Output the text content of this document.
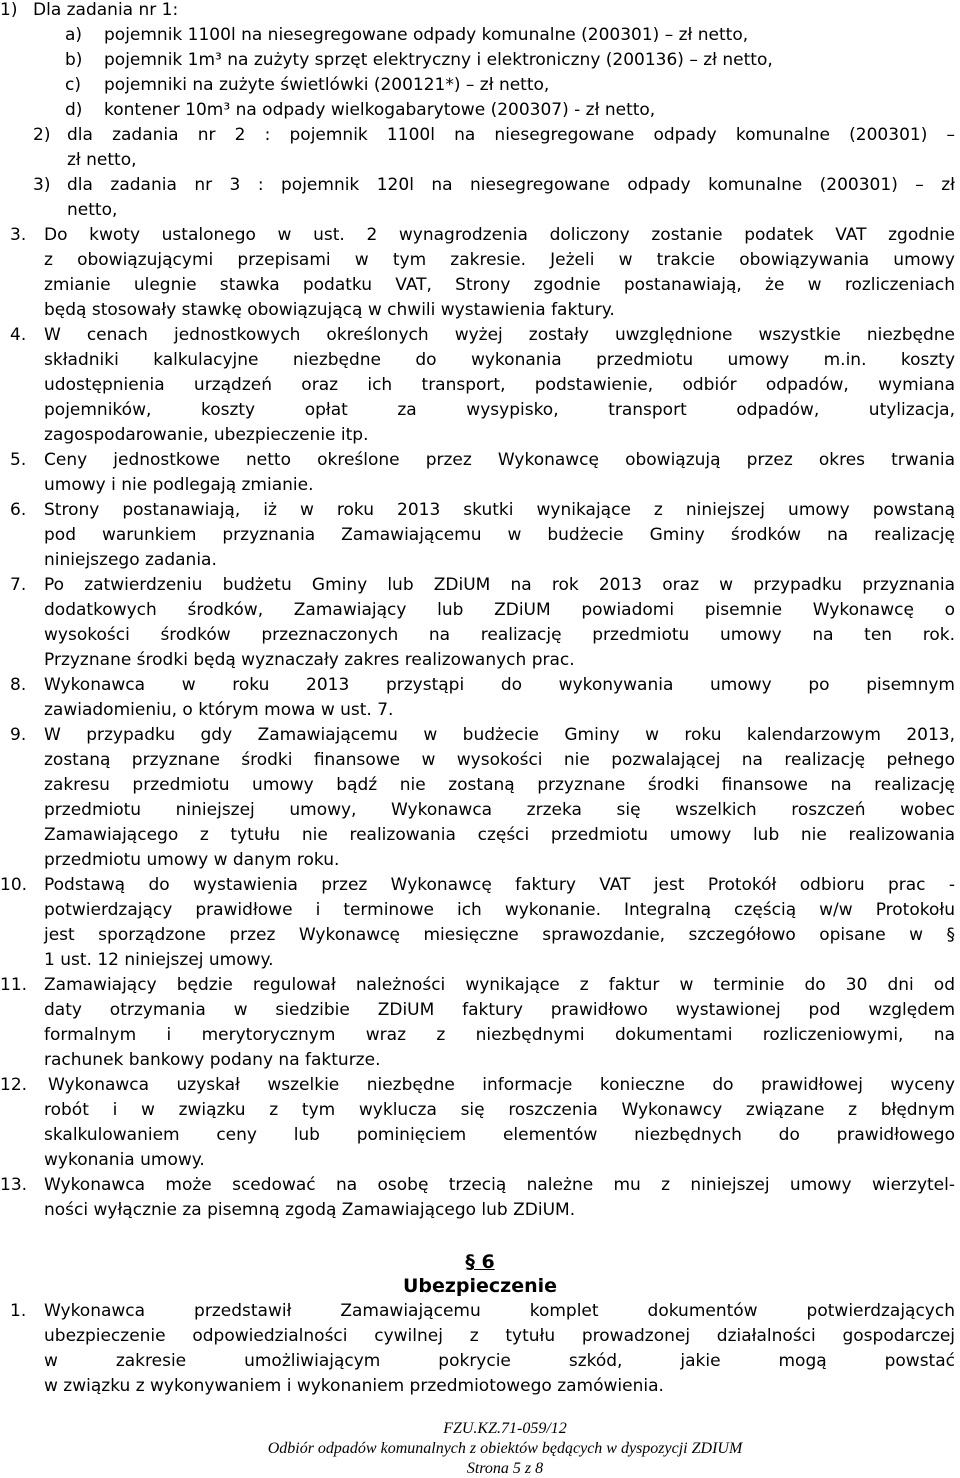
1) Dla zadania nr 1:
a) pojemnik 1100l na niesegregowane odpady komunalne (200301) – zł netto,
b) pojemnik 1m³ na zużyty sprzęt elektryczny i elektroniczny (200136) – zł netto,
c) pojemniki na zużyte świetlówki (200121*) – zł netto,
d) kontener 10m³ na odpady wielkogabarytowe (200307) - zł netto,
2) dla zadania nr 2 : pojemnik 1100l na niesegregowane odpady komunalne (200301) –
zł netto,
3) dla zadania nr 3 : pojemnik 120l na niesegregowane odpady komunalne (200301) – zł
netto,
3. Do kwoty ustalonego w ust. 2 wynagrodzenia doliczony zostanie podatek VAT zgodnie
z obowiązującymi przepisami w tym zakresie. Jeżeli w trakcie obowiązywania umowy
zmianie ulegnie stawka podatku VAT, Strony zgodnie postanawiają, że w rozliczeniach
będą stosowały stawkę obowiązującą w chwili wystawienia faktury.
4. W cenach jednostkowych określonych wyżej zostały uwzględnione wszystkie niezbędne
składniki kalkulacyjne niezbędne do wykonania przedmiotu umowy m.in. koszty
udostępnienia urządzeń oraz ich transport, podstawienie, odbiór odpadów, wymiana
pojemników, koszty opłat za wysypisko, transport odpadów, utylizacja,
zagospodarowanie, ubezpieczenie itp.
5. Ceny jednostkowe netto określone przez Wykonawcę obowiązują przez okres trwania
umowy i nie podlegają zmianie.
6. Strony postanawiają, iż w roku 2013 skutki wynikające z niniejszej umowy powstaną
pod warunkiem przyznania Zamawiającemu w budżecie Gminy środków na realizację
niniejszego zadania.
7. Po zatwierdzeniu budżetu Gminy lub ZDiUM na rok 2013 oraz w przypadku przyznania
dodatkowych środków, Zamawiający lub ZDiUM powiadomi pisemnie Wykonawcę o
wysokości środków przeznaczonych na realizację przedmiotu umowy na ten rok.
Przyznane środki będą wyznaczały zakres realizowanych prac.
8. Wykonawca w roku 2013 przystąpi do wykonywania umowy po pisemnym
zawiadomieniu, o którym mowa w ust. 7.
9. W przypadku gdy Zamawiającemu w budżecie Gminy w roku kalendarzowym 2013,
zostaną przyznane środki finansowe w wysokości nie pozwalającej na realizację pełnego
zakresu przedmiotu umowy bądź nie zostaną przyznane środki finansowe na realizację
przedmiotu niniejszej umowy, Wykonawca zrzeka się wszelkich roszczeń wobec
Zamawiającego z tytułu nie realizowania części przedmiotu umowy lub nie realizowania
przedmiotu umowy w danym roku.
10. Podstawą do wystawienia przez Wykonawcę faktury VAT jest Protokół odbioru prac -
potwierdzający prawidłowe i terminowe ich wykonanie. Integralną częścią w/w Protokołu
jest sporządzone przez Wykonawcę miesięczne sprawozdanie, szczegółowo opisane w §
1 ust. 12 niniejszej umowy.
11. Zamawiający będzie regulował należności wynikające z faktur w terminie do 30 dni od
daty otrzymania w siedzibie ZDiUM faktury prawidłowo wystawionej pod względem
formalnym i merytorycznym wraz z niezbędnymi dokumentami rozliczeniowymi, na
rachunek bankowy podany na fakturze.
12. Wykonawca uzyskał wszelkie niezbędne informacje konieczne do prawidłowej wyceny
robót i w związku z tym wyklucza się roszczenia Wykonawcy związane z błędnym
skalkulowaniem ceny lub pominięciem elementów niezbędnych do prawidłowego
wykonania umowy.
13. Wykonawca może scedować na osobę trzecią należne mu z niniejszej umowy wierzytel-
ności wyłącznie za pisemną zgodą Zamawiającego lub ZDiUM.
§ 6
Ubezpieczenie
1. Wykonawca przedstawił Zamawiającemu komplet dokumentów potwierdzających
ubezpieczenie odpowiedzialności cywilnej z tytułu prowadzonej działalności gospodarczej
w zakresie umożliwiającym pokrycie szkód, jakie mogą powstać
w związku z wykonywaniem i wykonaniem przedmiotowego zamówienia.
FZU.KZ.71-059/12
Odbiór odpadów komunalnych z obiektów będących w dyspozycji ZDIUM
Strona 5 z 8
